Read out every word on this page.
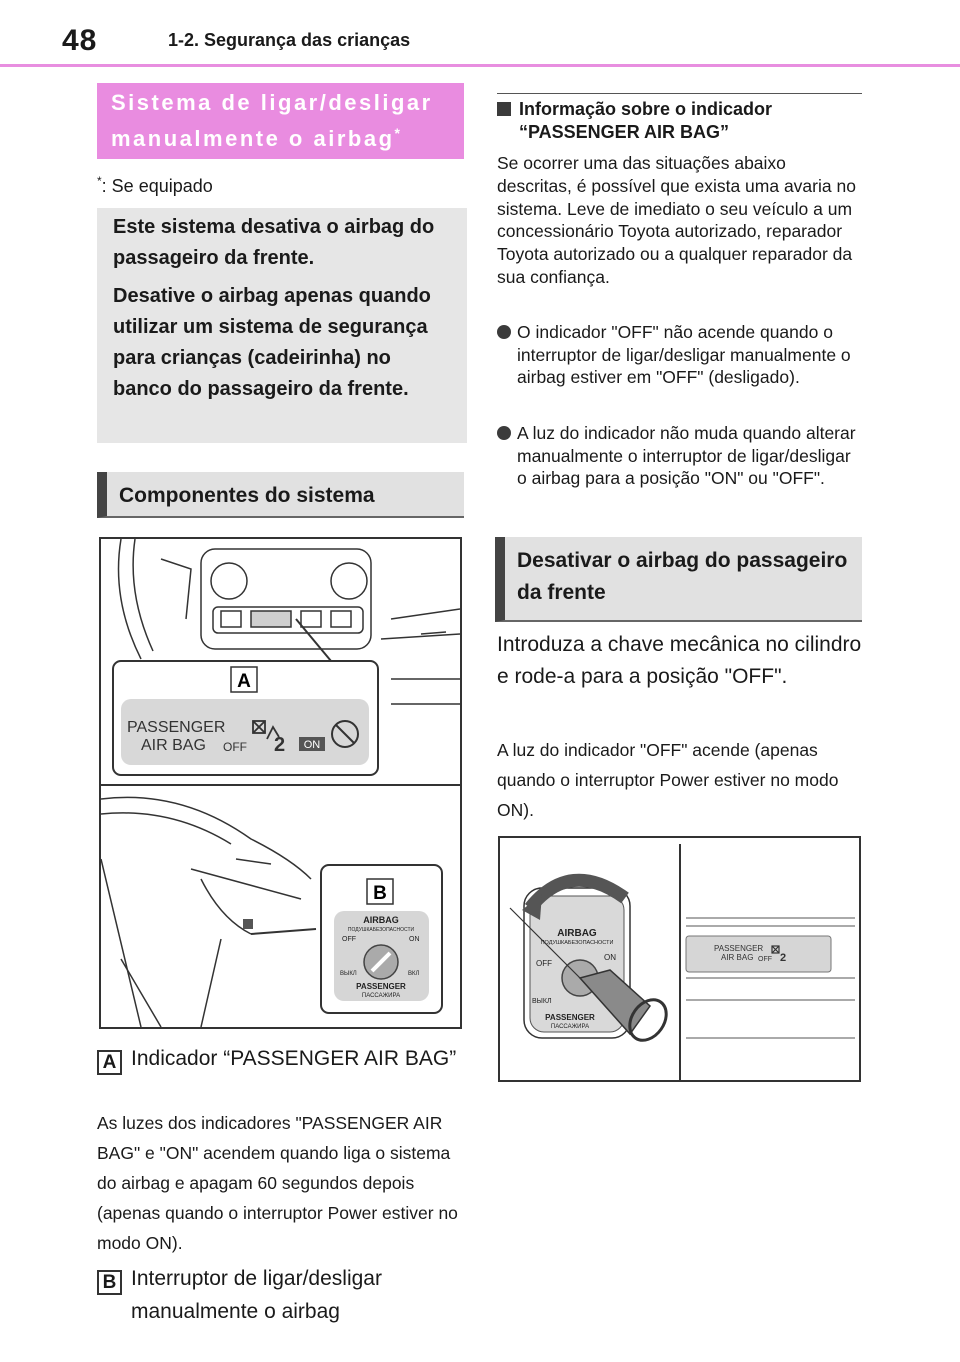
48	1-2. Segurança das crianças
Sistema de ligar/desligar manualmente o airbag*
*: Se equipado

Este sistema desativa o airbag do passageiro da frente.

Desative o airbag apenas quando utilizar um sistema de segurança para crianças (cadeirinha) no banco do passageiro da frente.

Componentes do sistema
A
PASSENGER
AIR BAG OFF 2 ON
B
AIRBAG
ПОДУШКАБЕЗОПАСНОСТИ
OFF	ON
ВЫКЛ	ВКЛ
PASSENGER
ПАССАЖИРА
A Indicador “PASSENGER AIR BAG”
As luzes dos indicadores "PASSENGER AIR BAG" e "ON" acendem quando liga o sistema do airbag e apagam 60 segundos depois (apenas quando o interruptor Power estiver no modo ON).
B Interruptor de ligar/desligar manualmente o airbag
Informação sobre o indicador “PASSENGER AIR BAG”
Se ocorrer uma das situações abaixo descritas, é possível que exista uma avaria no sistema. Leve de imediato o seu veículo a um concessionário Toyota autorizado, reparador Toyota autorizado ou a qualquer reparador da sua confiança.
O indicador "OFF" não acende quando o interruptor de ligar/desligar manualmente o airbag estiver em "OFF" (desligado).
A luz do indicador não muda quando alterar manualmente o interruptor de ligar/desligar o airbag para a posição "ON" ou "OFF".
Desativar o airbag do passageiro da frente
Introduza a chave mecânica no cilindro e rode-a para a posição "OFF".
A luz do indicador "OFF" acende (apenas quando o interruptor Power estiver no modo ON).
AIRBAG
ПОДУШКАБЕЗОПАСНОСТИ
OFF
ON
ВЫКЛ
PASSENGER
ПАССАЖИРА
PASSENGER
AIR BAG OFF 2
